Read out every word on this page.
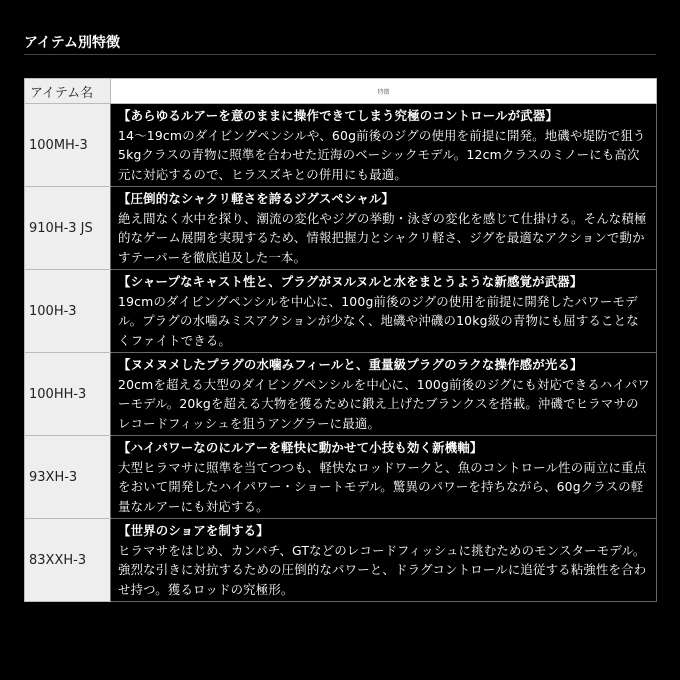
アイテム別特徴
アイテム名	特徴
100MH-3	【あらゆるルアーを意のままに操作できてしまう究極のコントロールが武器】
14～19cmのダイビングペンシルや、60g前後のジグの使用を前提に開発。地磯や堤防で狙う5kgクラスの青物に照準を合わせた近海のベーシックモデル。12cmクラスのミノーにも高次元に対応するので、ヒラスズキとの併用にも最適。

910H-3 JS	【圧倒的なシャクリ軽さを誇るジグスペシャル】
絶え間なく水中を探り、潮流の変化やジグの挙動・泳ぎの変化を感じて仕掛ける。そんな積極的なゲーム展開を実現するため、情報把握力とシャクリ軽さ、ジグを最適なアクションで動かすテーパーを徹底追及した一本。

100H-3	【シャープなキャスト性と、プラグがヌルヌルと水をまとうような新感覚が武器】
19cmのダイビングペンシルを中心に、100g前後のジグの使用を前提に開発したパワーモデル。プラグの水噛みミスアクションが少なく、地磯や沖磯の10kg級の青物にも屈することなくファイトできる。

100HH-3	【ヌメヌメしたプラグの水噛みフィールと、重量級プラグのラクな操作感が光る】
20cmを超える大型のダイビングペンシルを中心に、100g前後のジグにも対応できるハイパワーモデル。20kgを超える大物を獲るために鍛え上げたブランクスを搭載。沖磯でヒラマサのレコードフィッシュを狙うアングラーに最適。

93XH-3	【ハイパワーなのにルアーを軽快に動かせて小技も効く新機軸】
大型ヒラマサに照準を当てつつも、軽快なロッドワークと、魚のコントロール性の両立に重点をおいて開発したハイパワー・ショートモデル。驚異のパワーを持ちながら、60gクラスの軽量なルアーにも対応する。

83XXH-3	【世界のショアを制する】
ヒラマサをはじめ、カンパチ、GTなどのレコードフィッシュに挑むためのモンスターモデル。強烈な引きに対抗するための圧倒的なパワーと、ドラグコントロールに追従する粘強性を合わせ持つ。獲るロッドの究極形。
